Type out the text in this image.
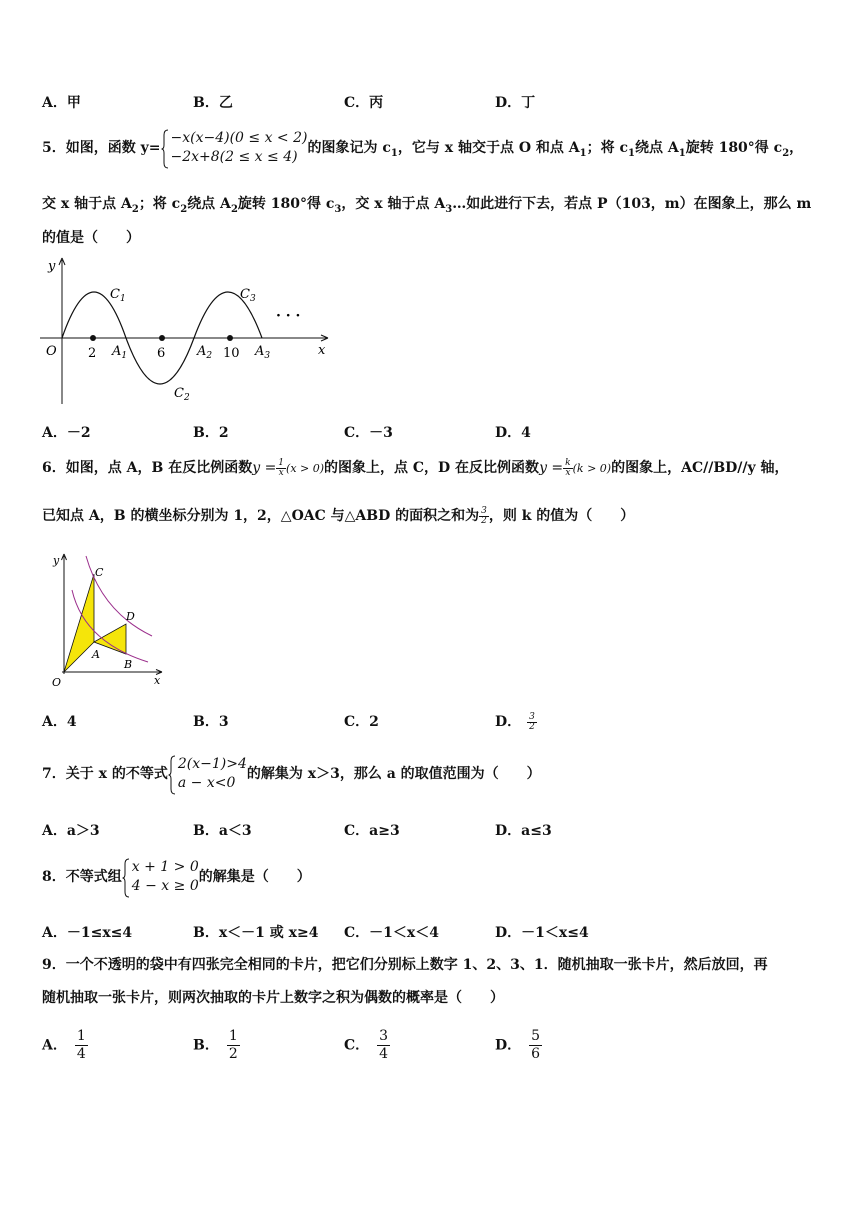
A．甲	B．乙	C．丙	D．丁
5．如图，函数 y=
−x(x−4)(0 ≤ x < 2)
−2x+8(2 ≤ x ≤ 4)
的图象记为 $c_1$，它与 x 轴交于点 O 和点 $A_1$；将 $c_1$绕点 $A_1$旋转 180°得 $c_2$，
交 x 轴于点 $A_2$；将 $c_2$绕点 $A_2$旋转 180°得 $c_3$，交 x 轴于点 $A_3\dots$如此进行下去，若点 P（103，m）在图象上，那么 m
的值是（　　）
y
x
O 2	6	10
$A_1$	$A_2$	$A_3$
$C_1$
$C_2$
$C_3$
· · ·
A．－2	B．2	C．－3	D．4
6．如图，点 A，B 在反比例函数$y = \frac{1}{x} (x > 0)$的图象上，点 C，D 在反比例函数$y = \frac{k}{x} (k > 0)$的图象上，AC//BD//y 轴，
已知点 A，B 的横坐标分别为 1，2，△OAC 与△ABD 的面积之和为 $\frac{3}{2}$ ，则 k 的值为（　　）
y
x
O
C
D
A
B
A．4	B．3	C．2	D． $\frac{3}{2}$
7．关于 x 的不等式
2(x−1)>4
a − x<0
的解集为 x＞3，那么 a 的取值范围为（　　）
A．a＞3	B．a＜3	C．a≥3	D．a≤3
8．不等式组
x + 1 > 0
4 − x ≥ 0
的解集是（　　）
A．－1≤x≤4	B．x＜－1 或 x≥4 C．－1＜x＜4	D．－1＜x≤4
9．一个不透明的袋中有四张完全相同的卡片，把它们分别标上数字 1、2、3、1．随机抽取一张卡片，然后放回，再
随机抽取一张卡片，则两次抽取的卡片上数字之积为偶数的概率是（　　）
A． $\frac{1}{4}$	B． $\frac{1}{2}$	C． $\frac{3}{4}$	D． $\frac{5}{6}$
